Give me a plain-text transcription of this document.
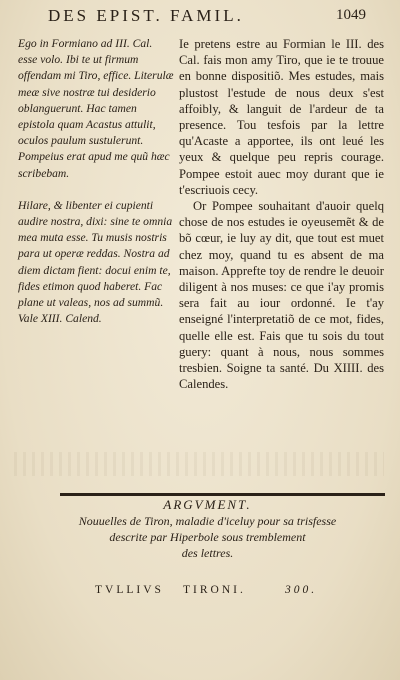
DES EPIST. FAMIL.	1049
Ego in Formiano ad III. Cal. esse volo. Ibi te ut firmum offendam mi Tiro, effice. Literulæ meæ sive nostræ tui desiderio oblanguerunt. Hac tamen epistola quam Acastus attulit, oculos paulum sustulerunt. Pompeius erat apud me quũ hæc scribebam.
Hilare, & libenter ei cupienti audire nostra, dixi: sine te omnia mea muta esse. Tu musis nostris para ut operæ reddas. Nostra ad diem dictam fient: docui enim te, fides etimon quod haberet. Fac plane ut valeas, nos ad summũ. Vale XIII. Calend.
Ie pretens estre au Formian le III. des Cal. fais mon amy Tiro, que ie te trouue en bonne dispositiõ. Mes estudes, mais plustost l'estude de nous deux s'est affoibly, & languit de l'ardeur de ta presence. Tou tesfois par la lettre qu'Acaste a apportee, ils ont leué les yeux & quelque peu repris courage. Pompee estoit auec moy durant que ie t'escriuois cecy.
Or Pompee souhaitant d'auoir quelq chose de nos estudes ie oyeusemẽt & de bõ cœur, ie luy ay dit, que tout est muet chez moy, quand tu es absent de ma maison. Apprefte toy de rendre le deuoir diligent à nos muses: ce que i'ay promis sera fait au iour ordonné. Ie t'ay enseigné l'interpretatiõ de ce mot, fides, quelle elle est. Fais que tu sois du tout guery: quant à nous, nous sommes tresbien. Soigne ta santé. Du XIIII. des Calendes.
ARGVMENT.
Nouuelles de Tiron, maladie d'iceluy pour sa trisfesse
descrite par Hiperbole sous tremblement
des lettres.
TVLLIVS TIRONI.	300.
